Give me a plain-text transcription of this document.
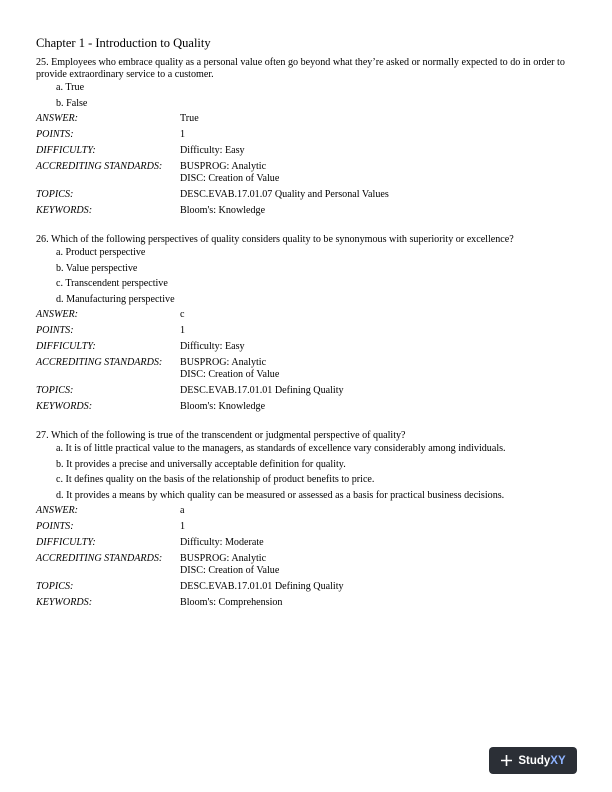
Chapter 1 - Introduction to Quality
25. Employees who embrace quality as a personal value often go beyond what they’re asked or normally expected to do in order to provide extraordinary service to a customer.
a. True
b. False
ANSWER:	True
POINTS:	1
DIFFICULTY:	Difficulty: Easy
ACCREDITING STANDARDS:	BUSPROG: Analytic
DISC: Creation of Value

TOPICS:	DESC.EVAB.17.01.07 Quality and Personal Values
KEYWORDS:	Bloom's: Knowledge
26. Which of the following perspectives of quality considers quality to be synonymous with superiority or excellence?
a. Product perspective
b. Value perspective
c. Transcendent perspective
d. Manufacturing perspective
ANSWER:	c
POINTS:	1
DIFFICULTY:	Difficulty: Easy
ACCREDITING STANDARDS:	BUSPROG: Analytic
DISC: Creation of Value

TOPICS:	DESC.EVAB.17.01.01 Defining Quality
KEYWORDS:	Bloom's: Knowledge
27. Which of the following is true of the transcendent or judgmental perspective of quality?
a. It is of little practical value to the managers, as standards of excellence vary considerably among individuals.
b. It provides a precise and universally acceptable definition for quality.
c. It defines quality on the basis of the relationship of product benefits to price.
d. It provides a means by which quality can be measured or assessed as a basis for practical business decisions.
ANSWER:	a
POINTS:	1
DIFFICULTY:	Difficulty: Moderate
ACCREDITING STANDARDS:	BUSPROG: Analytic
DISC: Creation of Value

TOPICS:	DESC.EVAB.17.01.01 Defining Quality
KEYWORDS:	Bloom's: Comprehension
Study XY
